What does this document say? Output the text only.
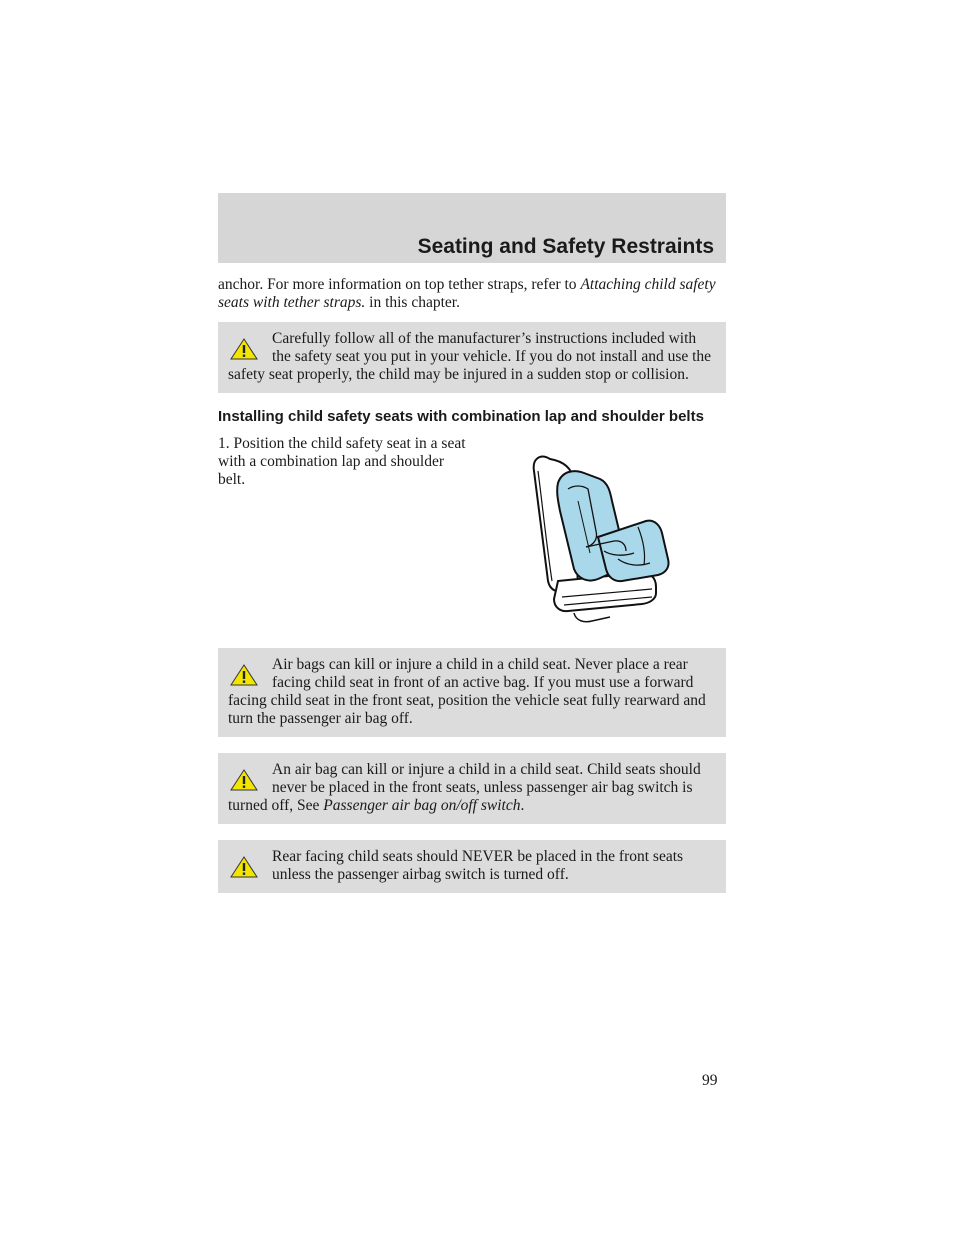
Seating and Safety Restraints

anchor. For more information on top tether straps, refer to Attaching child safety seats with tether straps. in this chapter.

Carefully follow all of the manufacturer’s instructions included with the safety seat you put in your vehicle. If you do not install and use the safety seat properly, the child may be injured in a sudden stop or collision.

Installing child safety seats with combination lap and shoulder belts

1. Position the child safety seat in a seat with a combination lap and shoulder belt.

Air bags can kill or injure a child in a child seat. Never place a rear facing child seat in front of an active bag. If you must use a forward facing child seat in the front seat, position the vehicle seat fully rearward and turn the passenger air bag off.

An air bag can kill or injure a child in a child seat. Child seats should never be placed in the front seats, unless passenger air bag switch is turned off, See Passenger air bag on/off switch.

Rear facing child seats should NEVER be placed in the front seats unless the passenger airbag switch is turned off.

99
